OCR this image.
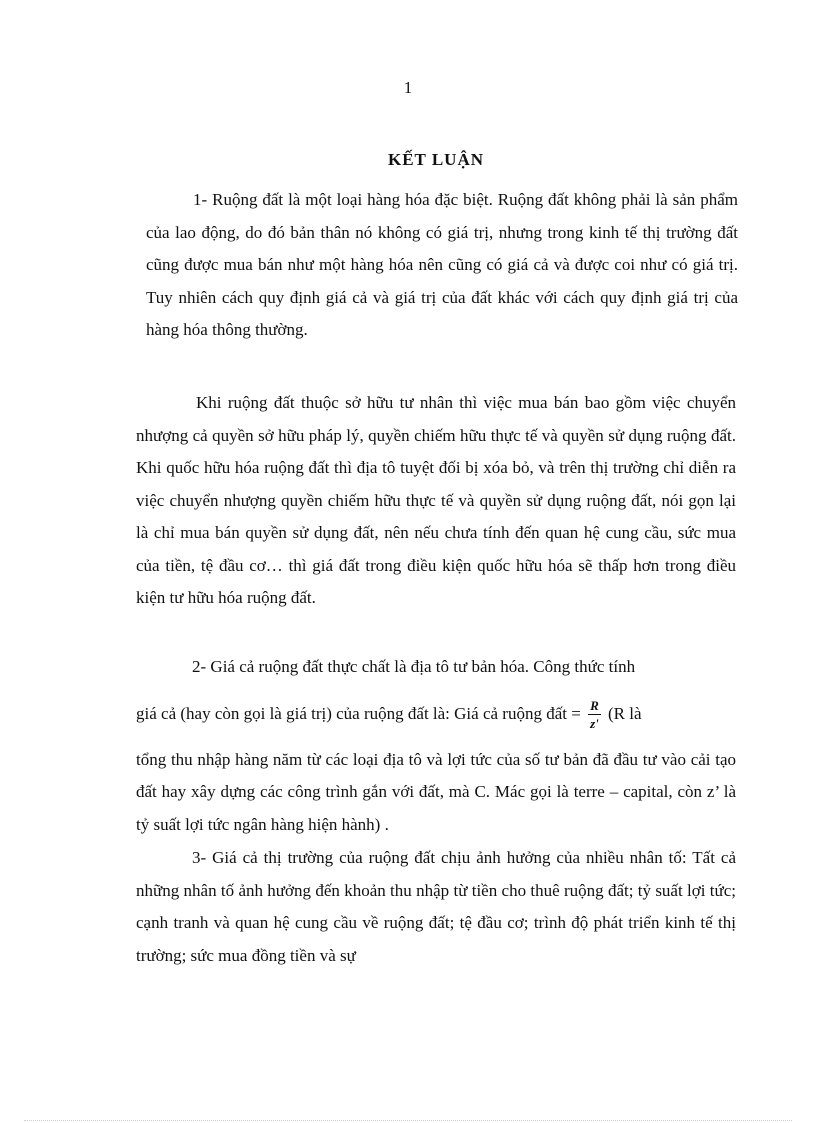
1
KẾT LUẬN

1- Ruộng đất là một loại hàng hóa đặc biệt. Ruộng đất không phải là sản phẩm của lao động, do đó bản thân nó không có giá trị, nhưng trong kinh tế thị trường đất cũng được mua bán như một hàng hóa nên cũng có giá cả và được coi như có giá trị. Tuy nhiên cách quy định giá cả và giá trị của đất khác với cách quy định giá trị của hàng hóa thông thường.

Khi ruộng đất thuộc sở hữu tư nhân thì việc mua bán bao gồm việc chuyển nhượng cả quyền sở hữu pháp lý, quyền chiếm hữu thực tế và quyền sử dụng ruộng đất. Khi quốc hữu hóa ruộng đất thì địa tô tuyệt đối bị xóa bỏ, và trên thị trường chỉ diễn ra việc chuyển nhượng quyền chiếm hữu thực tế và quyền sử dụng ruộng đất, nói gọn lại là chỉ mua bán quyền sử dụng đất, nên nếu chưa tính đến quan hệ cung cầu, sức mua của tiền, tệ đầu cơ… thì giá đất trong điều kiện quốc hữu hóa sẽ thấp hơn trong điều kiện tư hữu hóa ruộng đất.

2- Giá cả ruộng đất thực chất là địa tô tư bản hóa. Công thức tính
giá cả (hay còn gọi là giá trị) của ruộng đất là: Giá cả ruộng đất = $\frac{R}{z'} (R$ là
tổng thu nhập hàng năm từ các loại địa tô và lợi tức của số tư bản đã đầu tư vào cải tạo đất hay xây dựng các công trình gắn với đất, mà C. Mác gọi là terre – capital, còn z’ là tỷ suất lợi tức ngân hàng hiện hành) .

3- Giá cả thị trường của ruộng đất chịu ảnh hưởng của nhiều nhân tố: Tất cả những nhân tố ảnh hưởng đến khoản thu nhập từ tiền cho thuê ruộng đất; tỷ suất lợi tức; cạnh tranh và quan hệ cung cầu về ruộng đất; tệ đầu cơ; trình độ phát triển kinh tế thị trường; sức mua đồng tiền và sự
